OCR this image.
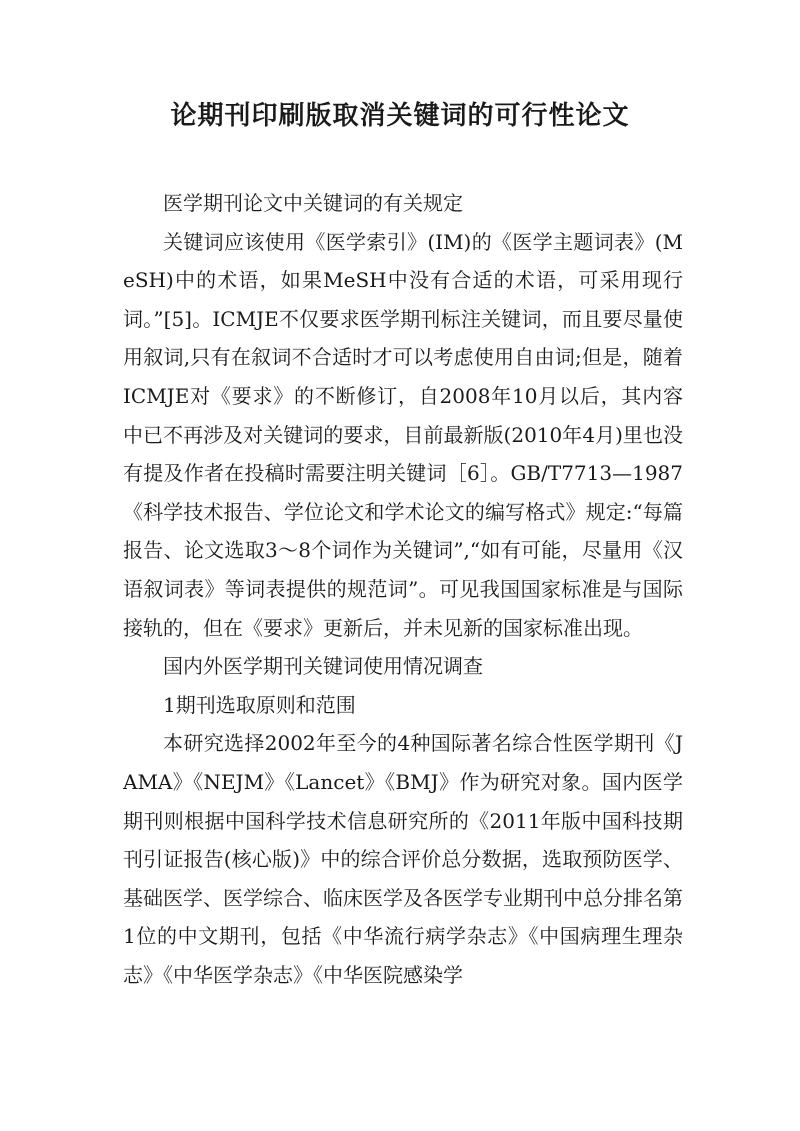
论期刊印刷版取消关键词的可行性论文

医学期刊论文中关键词的有关规定

关键词应该使用《医学索引》(IM)的《医学主题词表》(MeSH)中的术语，如果MeSH中没有合适的术语，可采用现行词。”[5]。ICMJE不仅要求医学期刊标注关键词，而且要尽量使用叙词,只有在叙词不合适时才可以考虑使用自由词;但是，随着ICMJE对《要求》的不断修订，自2008年10月以后，其内容中已不再涉及对关键词的要求，目前最新版(2010年4月)里也没有提及作者在投稿时需要注明关键词［6］。GB/T7713—1987《科学技术报告、学位论文和学术论文的编写格式》规定:“每篇报告、论文选取3～8个词作为关键词”,“如有可能，尽量用《汉语叙词表》等词表提供的规范词”。可见我国国家标准是与国际接轨的，但在《要求》更新后，并未见新的国家标准出现。

国内外医学期刊关键词使用情况调查

1期刊选取原则和范围

本研究选择2002年至今的4种国际著名综合性医学期刊《JAMA》《NEJM》《Lancet》《BMJ》作为研究对象。国内医学期刊则根据中国科学技术信息研究所的《2011年版中国科技期刊引证报告(核心版)》中的综合评价总分数据，选取预防医学、基础医学、医学综合、临床医学及各医学专业期刊中总分排名第1位的中文期刊，包括《中华流行病学杂志》《中国病理生理杂志》《中华医学杂志》《中华医院感染学
